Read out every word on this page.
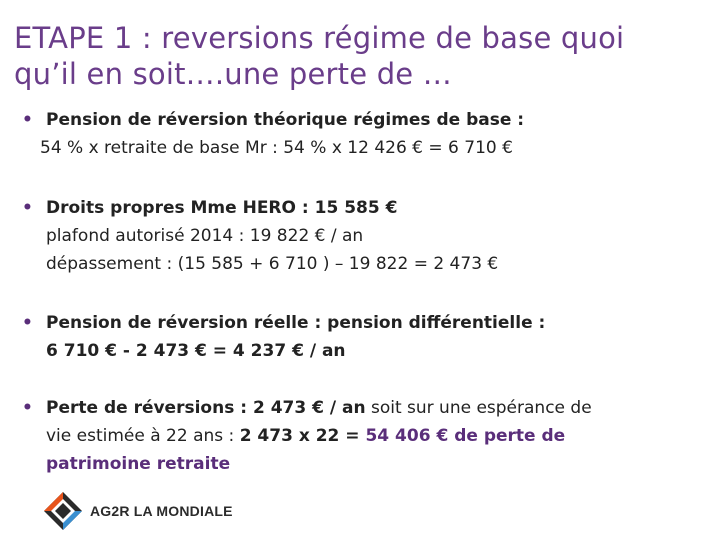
ETAPE 1 : reversions régime de base quoi
qu’il en soit….une perte de …
• Pension de réversion théorique régimes de base :
54 % x retraite de base Mr : 54 % x 12 426 € = 6 710 €
• Droits propres Mme HERO : 15 585 €
plafond autorisé 2014 : 19 822 € / an
dépassement : (15 585 + 6 710 ) – 19 822 = 2 473 €
• Pension de réversion réelle : pension différentielle :
6 710 € - 2 473 € = 4 237 € / an
• Perte de réversions : 2 473 € / an soit sur une espérance de
vie estimée à 22 ans : 2 473 x 22 = 54 406 € de perte de
patrimoine retraite
AG2R LA MONDIALE
